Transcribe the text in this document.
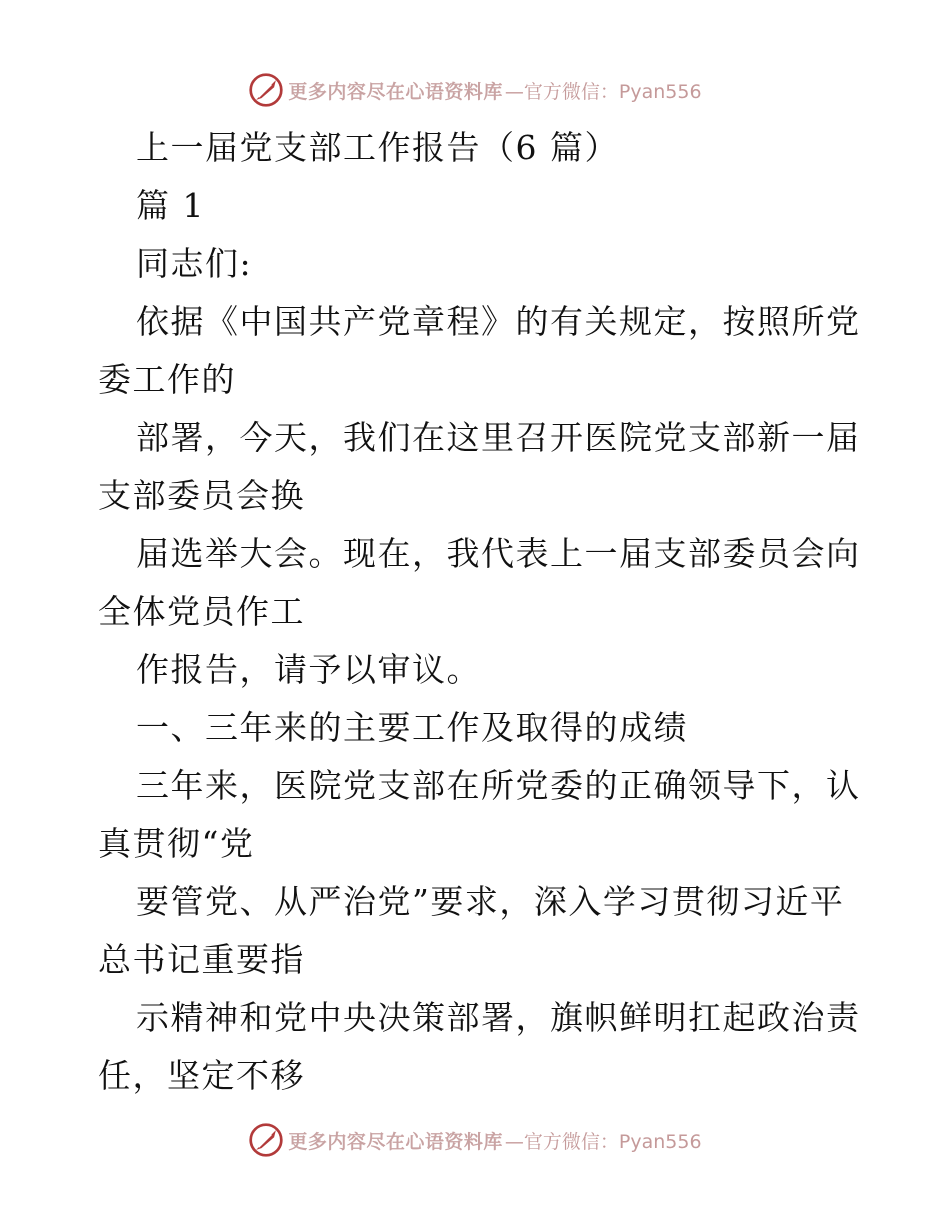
更多内容尽在心语资料库 —官方微信：Pyan556
上一届党支部工作报告（6 篇）
篇 1
同志们:
依据《中国共产党章程》的有关规定，按照所党
委工作的
部署，今天，我们在这里召开医院党支部新一届
支部委员会换
届选举大会。现在，我代表上一届支部委员会向
全体党员作工
作报告，请予以审议。
一、三年来的主要工作及取得的成绩
三年来，医院党支部在所党委的正确领导下，认
真贯彻“党
要管党、从严治党”要求，深入学习贯彻习近平
总书记重要指
示精神和党中央决策部署，旗帜鲜明扛起政治责
任，坚定不移
更多内容尽在心语资料库 —官方微信：Pyan556
